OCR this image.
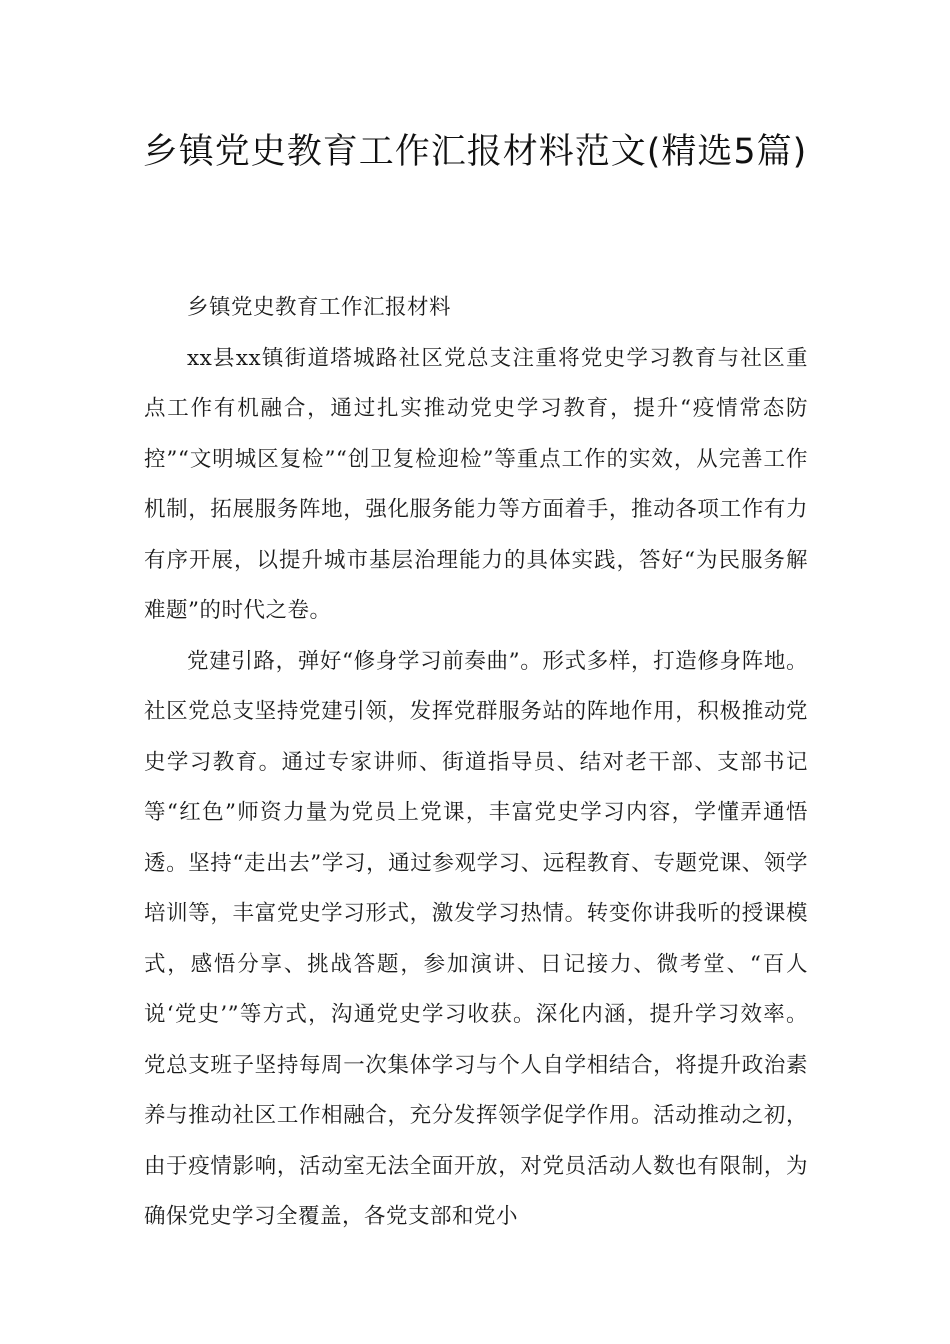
乡镇党史教育工作汇报材料范文(精选5篇)

乡镇党史教育工作汇报材料

xx县xx镇街道塔城路社区党总支注重将党史学习教育与社区重点工作有机融合，通过扎实推动党史学习教育，提升“疫情常态防控”“文明城区复检”“创卫复检迎检”等重点工作的实效，从完善工作机制，拓展服务阵地，强化服务能力等方面着手，推动各项工作有力有序开展，以提升城市基层治理能力的具体实践，答好“为民服务解难题”的时代之卷。

党建引路，弹好“修身学习前奏曲”。形式多样，打造修身阵地。社区党总支坚持党建引领，发挥党群服务站的阵地作用，积极推动党史学习教育。通过专家讲师、街道指导员、结对老干部、支部书记等“红色”师资力量为党员上党课，丰富党史学习内容，学懂弄通悟透。坚持“走出去”学习，通过参观学习、远程教育、专题党课、领学培训等，丰富党史学习形式，激发学习热情。转变你讲我听的授课模式，感悟分享、挑战答题，参加演讲、日记接力、微考堂、“百人说‘党史’”等方式，沟通党史学习收获。深化内涵，提升学习效率。党总支班子坚持每周一次集体学习与个人自学相结合，将提升政治素养与推动社区工作相融合，充分发挥领学促学作用。活动推动之初，由于疫情影响，活动室无法全面开放，对党员活动人数也有限制，为确保党史学习全覆盖，各党支部和党小
